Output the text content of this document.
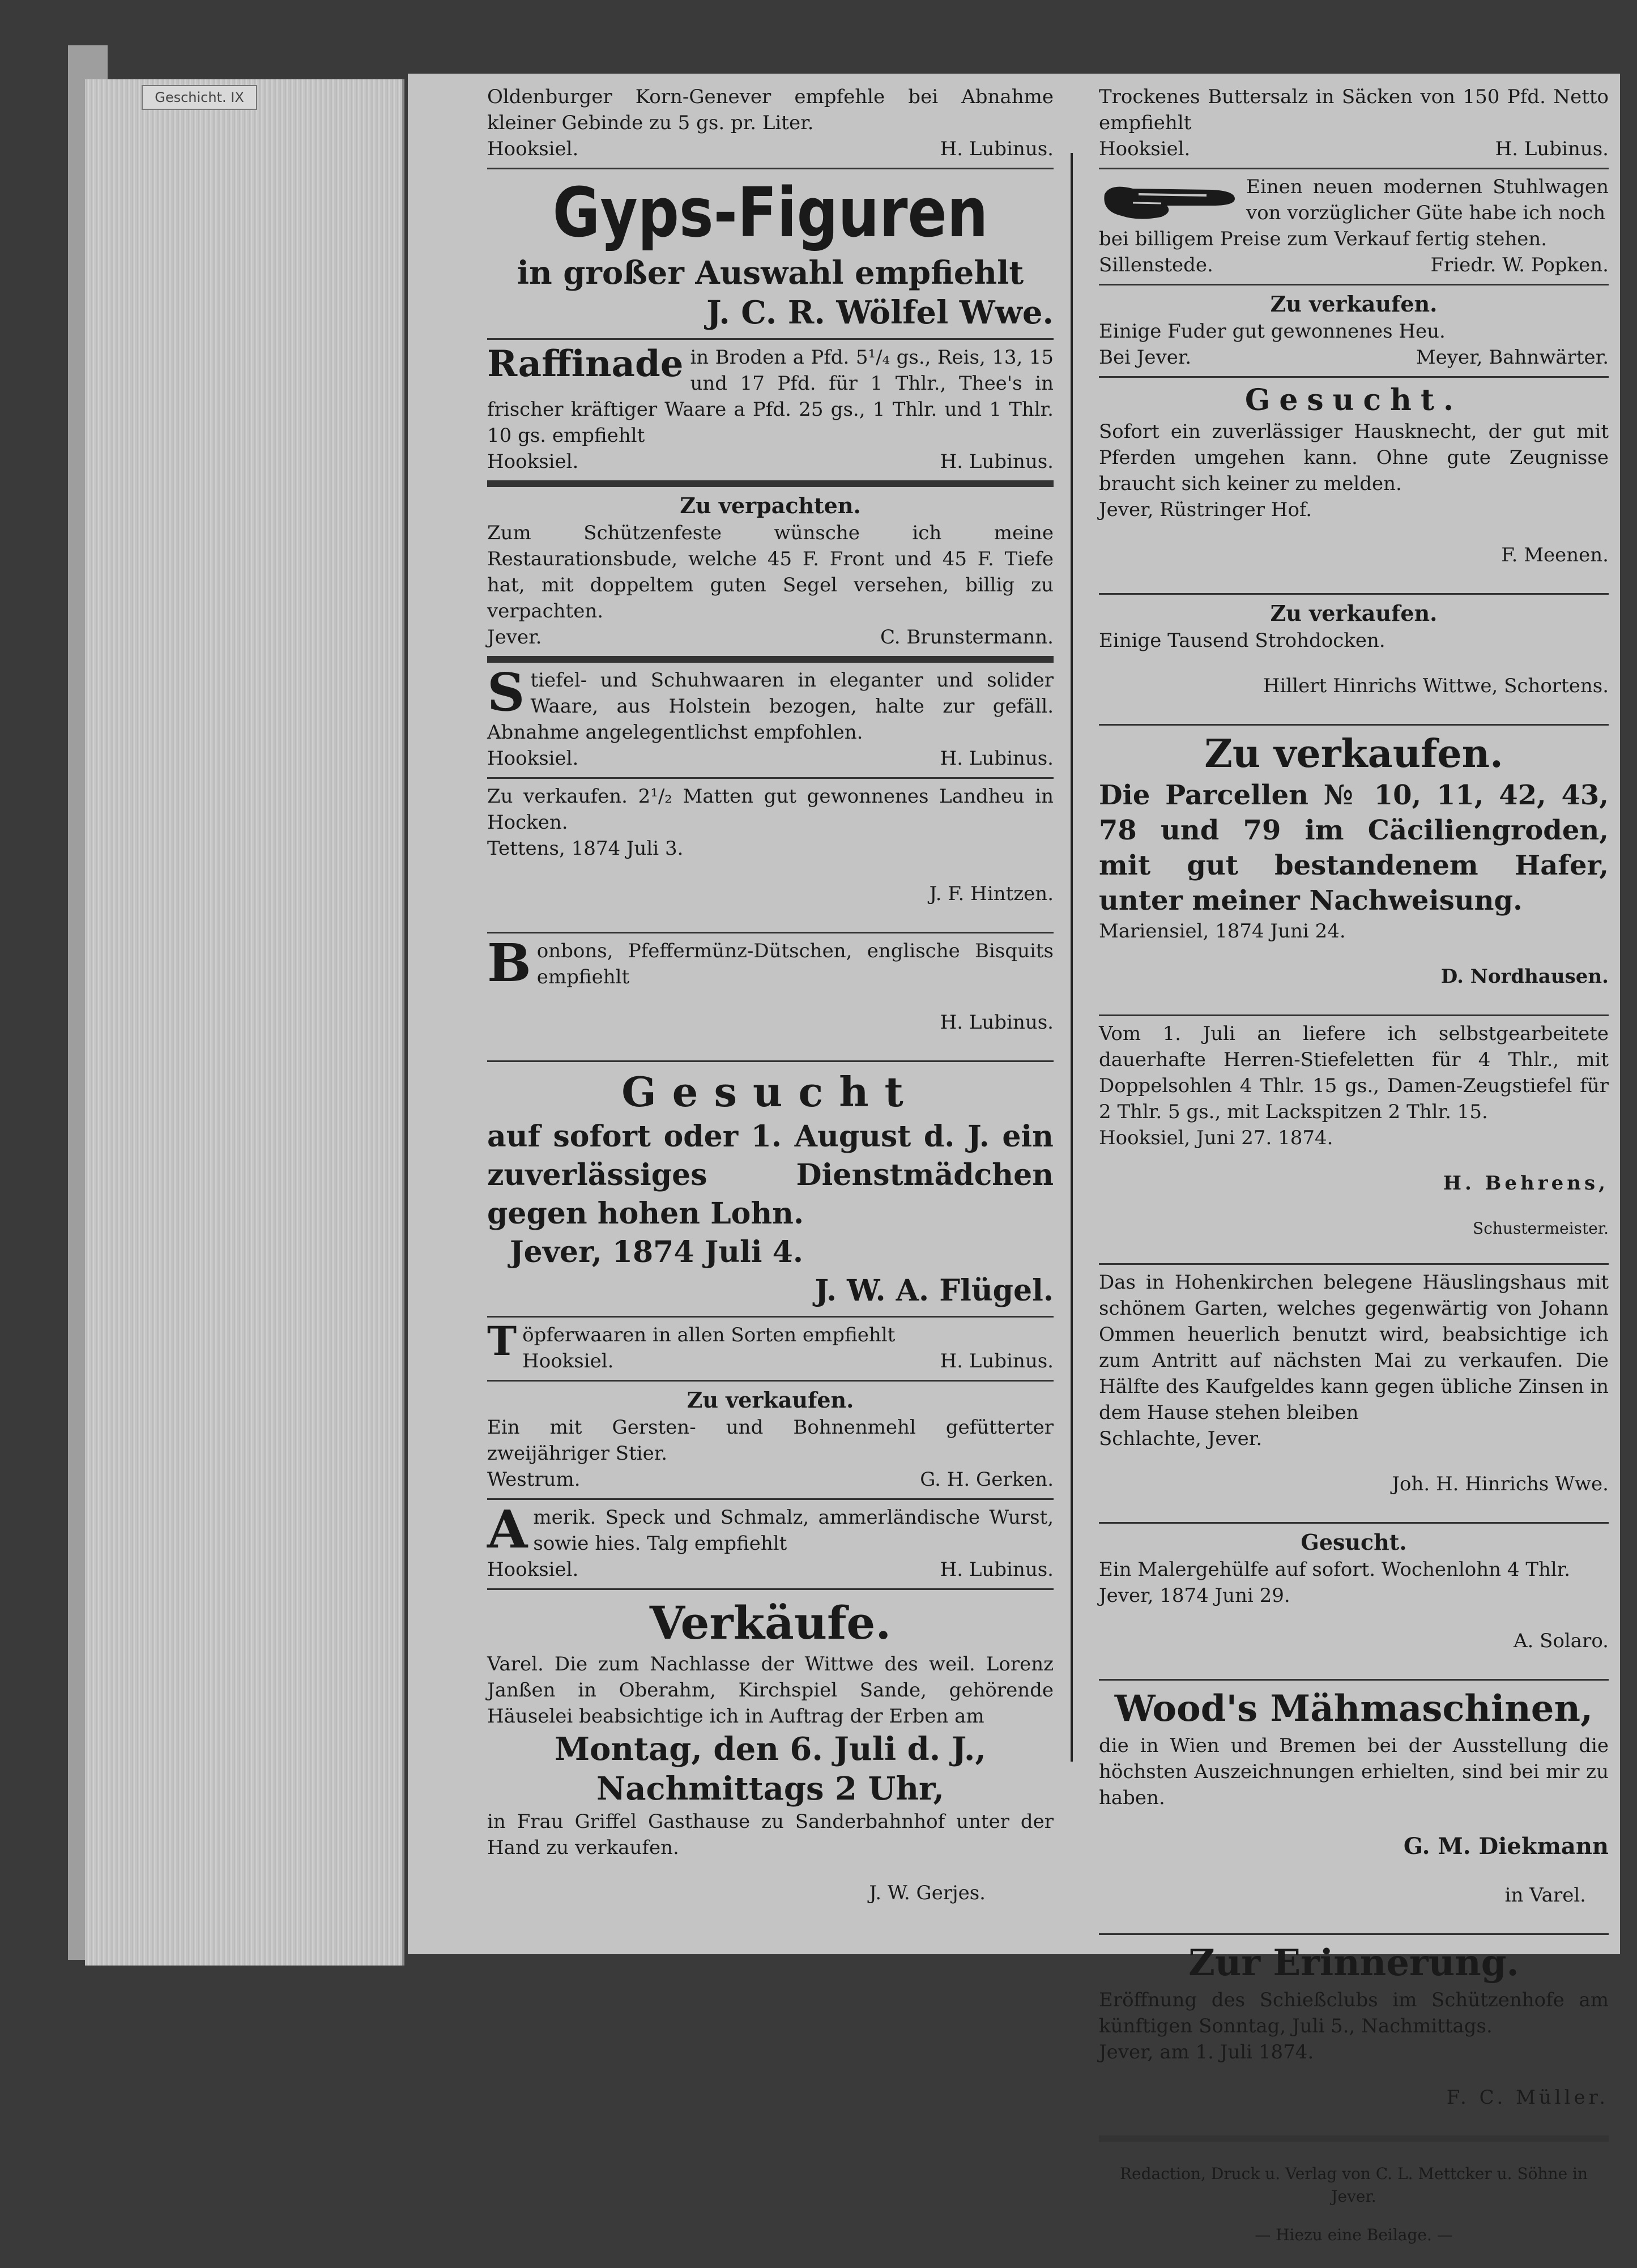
Geschicht. IX	Oldenburger Korn-Genever empfehle bei Abnahme kleiner Gebinde zu 5 gs. pr. Liter.

Hooksiel.	H. Lubinus.

Gyps-Figuren

in großer Auswahl empfiehlt

J. C. R. Wölfel Wwe.

Raffinade in Broden a Pfd. 5¹/₄ gs., Reis, 13, 15 und 17 Pfd. für 1 Thlr., Thee's in frischer kräftiger Waare a Pfd. 25 gs., 1 Thlr. und 1 Thlr. 10 gs. empfiehlt

Hooksiel.	H. Lubinus.

Zu verpachten.

Zum Schützenfeste wünsche ich meine Restaurationsbude, welche 45 F. Front und 45 F. Tiefe hat, mit doppeltem guten Segel versehen, billig zu verpachten.

Jever.	C. Brunstermann.

Stiefel- und Schuhwaaren in eleganter und solider Waare, aus Holstein bezogen, halte zur gefäll. Abnahme angelegentlichst empfohlen.

Hooksiel.	H. Lubinus.

Zu verkaufen. 2¹/₂ Matten gut gewonnenes Landheu in Hocken.

Tettens, 1874 Juli 3.

J. F. Hintzen.

Bonbons, Pfeffermünz-Dütschen, englische Bisquits empfiehlt

H. Lubinus.

Gesucht

auf sofort oder 1. August d. J. ein zuverlässiges Dienstmädchen gegen hohen Lohn.

Jever, 1874 Juli 4.

J. W. A. Flügel.

Töpferwaaren in allen Sorten empfiehlt

Hooksiel.	H. Lubinus.

Zu verkaufen.

Ein mit Gersten- und Bohnenmehl gefütterter zweijähriger Stier.

Westrum.	G. H. Gerken.

Amerik. Speck und Schmalz, ammerländische Wurst, sowie hies. Talg empfiehlt

Hooksiel.	H. Lubinus.

Verkäufe.

Varel. Die zum Nachlasse der Wittwe des weil. Lorenz Janßen in Oberahm, Kirchspiel Sande, gehörende Häuselei beabsichtige ich in Auftrag der Erben am

Montag, den 6. Juli d. J.,

Nachmittags 2 Uhr,

in Frau Griffel Gasthause zu Sanderbahnhof unter der Hand zu verkaufen.

J. W. Gerjes.

Trockenes Buttersalz in Säcken von 150 Pfd. Netto empfiehlt

Hooksiel.	H. Lubinus.

Einen neuen modernen Stuhlwagen von vorzüglicher Güte habe ich noch

bei billigem Preise zum Verkauf fertig stehen.

Sillenstede.	Friedr. W. Popken.

Zu verkaufen.

Einige Fuder gut gewonnenes Heu.

Bei Jever.	Meyer, Bahnwärter.

Gesucht.

Sofort ein zuverlässiger Hausknecht, der gut mit Pferden umgehen kann. Ohne gute Zeugnisse braucht sich keiner zu melden.

Jever, Rüstringer Hof.

F. Meenen.

Zu verkaufen.

Einige Tausend Strohdocken.

Hillert Hinrichs Wittwe, Schortens.

Zu verkaufen.

Die Parcellen № 10, 11, 42, 43, 78 und 79 im Cäciliengroden, mit gut bestandenem Hafer, unter meiner Nachweisung.

Mariensiel, 1874 Juni 24.

D. Nordhausen.

Vom 1. Juli an liefere ich selbstgearbeitete dauerhafte Herren-Stiefeletten für 4 Thlr., mit Doppelsohlen 4 Thlr. 15 gs., Damen-Zeugstiefel für 2 Thlr. 5 gs., mit Lackspitzen 2 Thlr. 15.

Hooksiel, Juni 27. 1874.

H. Behrens,

Schustermeister.

Das in Hohenkirchen belegene Häuslingshaus mit schönem Garten, welches gegenwärtig von Johann Ommen heuerlich benutzt wird, beabsichtige ich zum Antritt auf nächsten Mai zu verkaufen. Die Hälfte des Kaufgeldes kann gegen übliche Zinsen in dem Hause stehen bleiben

Schlachte, Jever.

Joh. H. Hinrichs Wwe.

Gesucht.

Ein Malergehülfe auf sofort. Wochenlohn 4 Thlr.

Jever, 1874 Juni 29.

A. Solaro.

Wood's Mähmaschinen,

die in Wien und Bremen bei der Ausstellung die höchsten Auszeichnungen erhielten, sind bei mir zu haben.

G. M. Diekmann

in Varel.

Zur Erinnerung.

Eröffnung des Schießclubs im Schützenhofe am künftigen Sonntag, Juli 5., Nachmittags.

Jever, am 1. Juli 1874.

F. C. Müller.

Redaction, Druck u. Verlag von C. L. Mettcker u. Söhne in Jever.

— Hiezu eine Beilage. —
